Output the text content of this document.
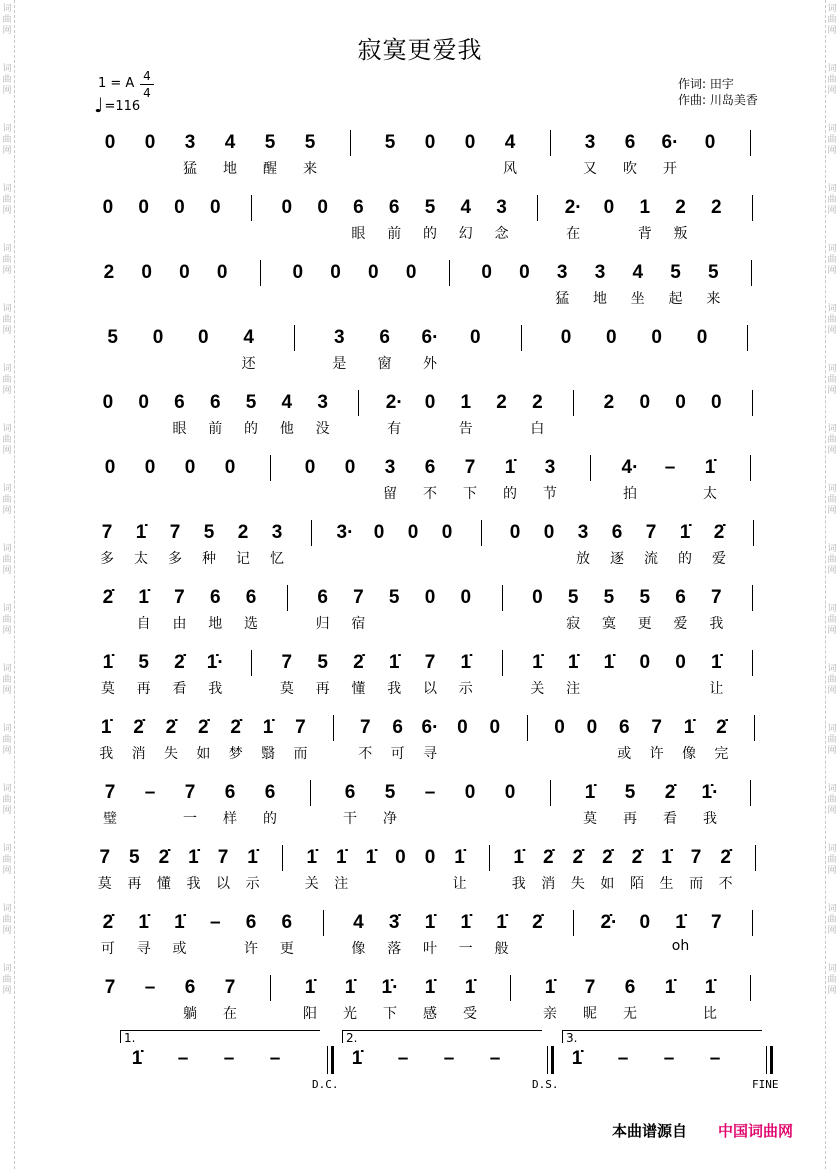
词
曲
网
词
曲
网
词
曲
网
词
曲
网
词
曲
网
词
曲
网
词
曲
网
词
曲
网
词
曲
网
词
曲
网
词
曲
网
词
曲
网
词
曲
网
词
曲
网
词
曲
网
词
曲
网
词
曲
网
词
曲
网
词
曲
网
词
曲
网
词
曲
网
词
曲
网
词
曲
网
词
曲
网
词
曲
网
词
曲
网
词
曲
网
词
曲
网
词
曲
网
词
曲
网
词
曲
网
词
曲
网
词
曲
网
词
曲
网
寂寞更爱我
1 = A 4
4
♩ =116
作词: 田宇
作曲: 川岛美香
0	0	3	4	5	5	5	0	0	4	3	6	6·	0
猛 地 醒 来	风	又 吹 开
0	0	0	0	0	0	6	6	5	4	3	2·	0	1	2	2
眼 前 的 幻 念	在	背 叛
2	0	0	0	0	0	0	0	0	0	3	3	4	5	5
猛 地 坐 起 来
5	0	0	4	3	6	6·	0	0	0	0	0
还	是 窗 外
0	0	6	6	5	4	3	2·	0	1	2	2	2	0	0	0
眼 前 的 他 没	有	告	白
0	0	0	0	0	0	3	6	7	1̇	3	4·	–	1̇
留 不 下 的 节	拍	太
7	1̇	7	5	2	3	3·	0	0	0	0	0	3	6	7	1̇	2̇
多 太 多 种 记 忆	放 逐 流 的 爱
2̇	1̇	7	6	6	6	7	5	0	0	0	5	5	5	6	7
自 由 地 选	归 宿	寂 寞 更 爱 我
1̇	5	2̇	1̇·	7	5	2̇	1̇	7	1̇	1̇	1̇	1̇	0	0	1̇
莫 再 看 我	莫 再 懂 我 以 示	关 注	让
1̇	2̇	2̇	2̇	2̇	1̇	7	7	6 6· 0	0	0	0	6	7	1̇	2̇
我 消 失 如 梦 翳 而	不 可 寻	或 许 像 完
7	–	7	6	6	6	5	–	0	0	1̇	5	2̇	1̇·
璧	一 样 的	干 净	莫 再 看 我
7 5 2̇ 1̇ 7 1̇	1̇ 1̇ 1̇ 0	0 1̇	1̇ 2̇ 2̇	2̇ 2̇ 1̇ 7 2̇
莫 再 懂 我 以 示	关 注	让	我 消 失 如 陌 生 而 不
2̇	1̇	1̇	–	6	6	4	3̇	1̇	1̇	1̇	2̇	2̇·	0	1̇	7
可 寻 或	许 更	像 落 叶 一 般	oh
7	–	6	7	1̇	1̇	1̇·	1̇	1̇	1̇	7	6	1̇	1̇
躺 在	阳 光 下 感 受	亲 昵 无	比
1.	2.	3.
1̇	–	–	–	1̇	–	–	–	1̇	–	–	–
D.C.	D.S.	FINE
本曲谱源自 中国词曲网
